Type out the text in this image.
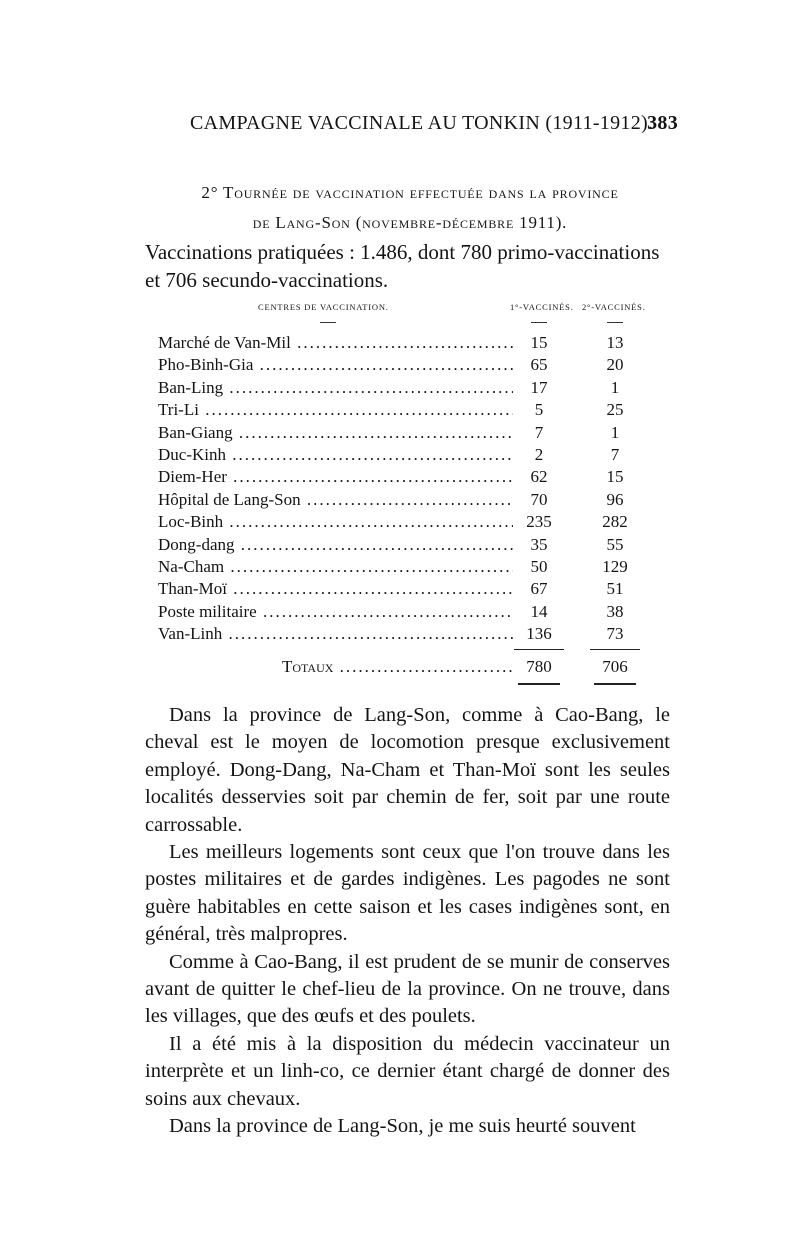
CAMPAGNE VACCINALE AU TONKIN (1911-1912).
383
2° Tournée de vaccination effectuée dans la province
de Lang-Son (novembre-décembre 1911).
Vaccinations pratiquées : 1.486, dont 780 primo-vaccinations et 706 secundo-vaccinations.
CENTRES DE VACCINATION.	1°-VACCINÉS. 2°-VACCINÉS.
Marché de Van-Mil .....	15	13
Pho-Binh-Gia .....	65	20
Ban-Ling .....	17	1
Tri-Li .....	5	25
Ban-Giang .....	7	1
Duc-Kinh .....	2	7
Diem-Her .....	62	15
Hôpital de Lang-Son .....	70	96
Loc-Binh .....	235	282
Dong-dang .....	35	55
Na-Cham .....	50	129
Than-Moï .....	67	51
Poste militaire .....	14	38
Van-Linh .....	136	73
Totaux .....	780	706

Dans la province de Lang-Son, comme à Cao-Bang, le cheval est le moyen de locomotion presque exclusivement employé. Dong-Dang, Na-Cham et Than-Moï sont les seules localités desservies soit par chemin de fer, soit par une route carrossable.

Les meilleurs logements sont ceux que l'on trouve dans les postes militaires et de gardes indigènes. Les pagodes ne sont guère habitables en cette saison et les cases indigènes sont, en général, très malpropres.

Comme à Cao-Bang, il est prudent de se munir de conserves avant de quitter le chef-lieu de la province. On ne trouve, dans les villages, que des œufs et des poulets.

Il a été mis à la disposition du médecin vaccinateur un interprète et un linh-co, ce dernier étant chargé de donner des soins aux chevaux.

Dans la province de Lang-Son, je me suis heurté souvent
